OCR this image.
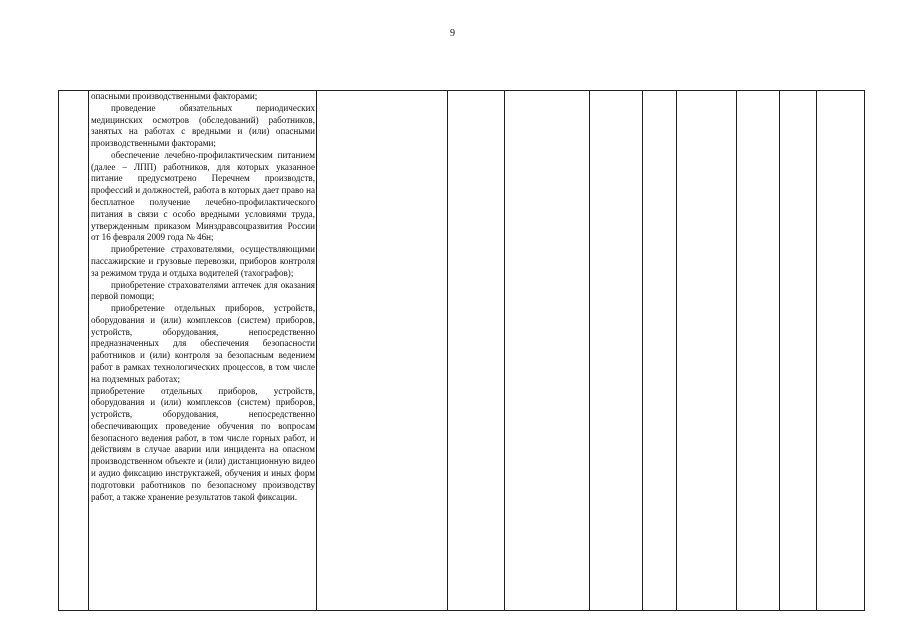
9

опасными производственными факторами;

проведение обязательных периодических медицинских осмотров (обследований) работников, занятых на работах с вредными и (или) опасными производственными факторами;

обеспечение лечебно-профилактическим питанием (далее – ЛПП) работников, для которых указанное питание предусмотрено Перечнем производств, профессий и должностей, работа в которых дает право на бесплатное получение лечебно-профилактического питания в связи с особо вредными условиями труда, утвержденным приказом Минздравсоцразвития России от 16 февраля 2009 года № 46н;

приобретение страхователями, осуществляющими пассажирские и грузовые перевозки, приборов контроля за режимом труда и отдыха водителей (тахографов);

приобретение страхователями аптечек для оказания первой помощи;

приобретение отдельных приборов, устройств, оборудования и (или) комплексов (систем) приборов, устройств, оборудования, непосредственно предназначенных для обеспечения безопасности работников и (или) контроля за безопасным ведением работ в рамках технологических процессов, в том числе на подземных работах;

приобретение отдельных приборов, устройств, оборудования и (или) комплексов (систем) приборов, устройств, оборудования, непосредственно обеспечивающих проведение обучения по вопросам безопасного ведения работ, в том числе горных работ, и действиям в случае аварии или инцидента на опасном производственном объекте и (или) дистанционную видео и аудио фиксацию инструктажей, обучения и иных форм подготовки работников по безопасному производству работ, а также хранение результатов такой фиксации.
